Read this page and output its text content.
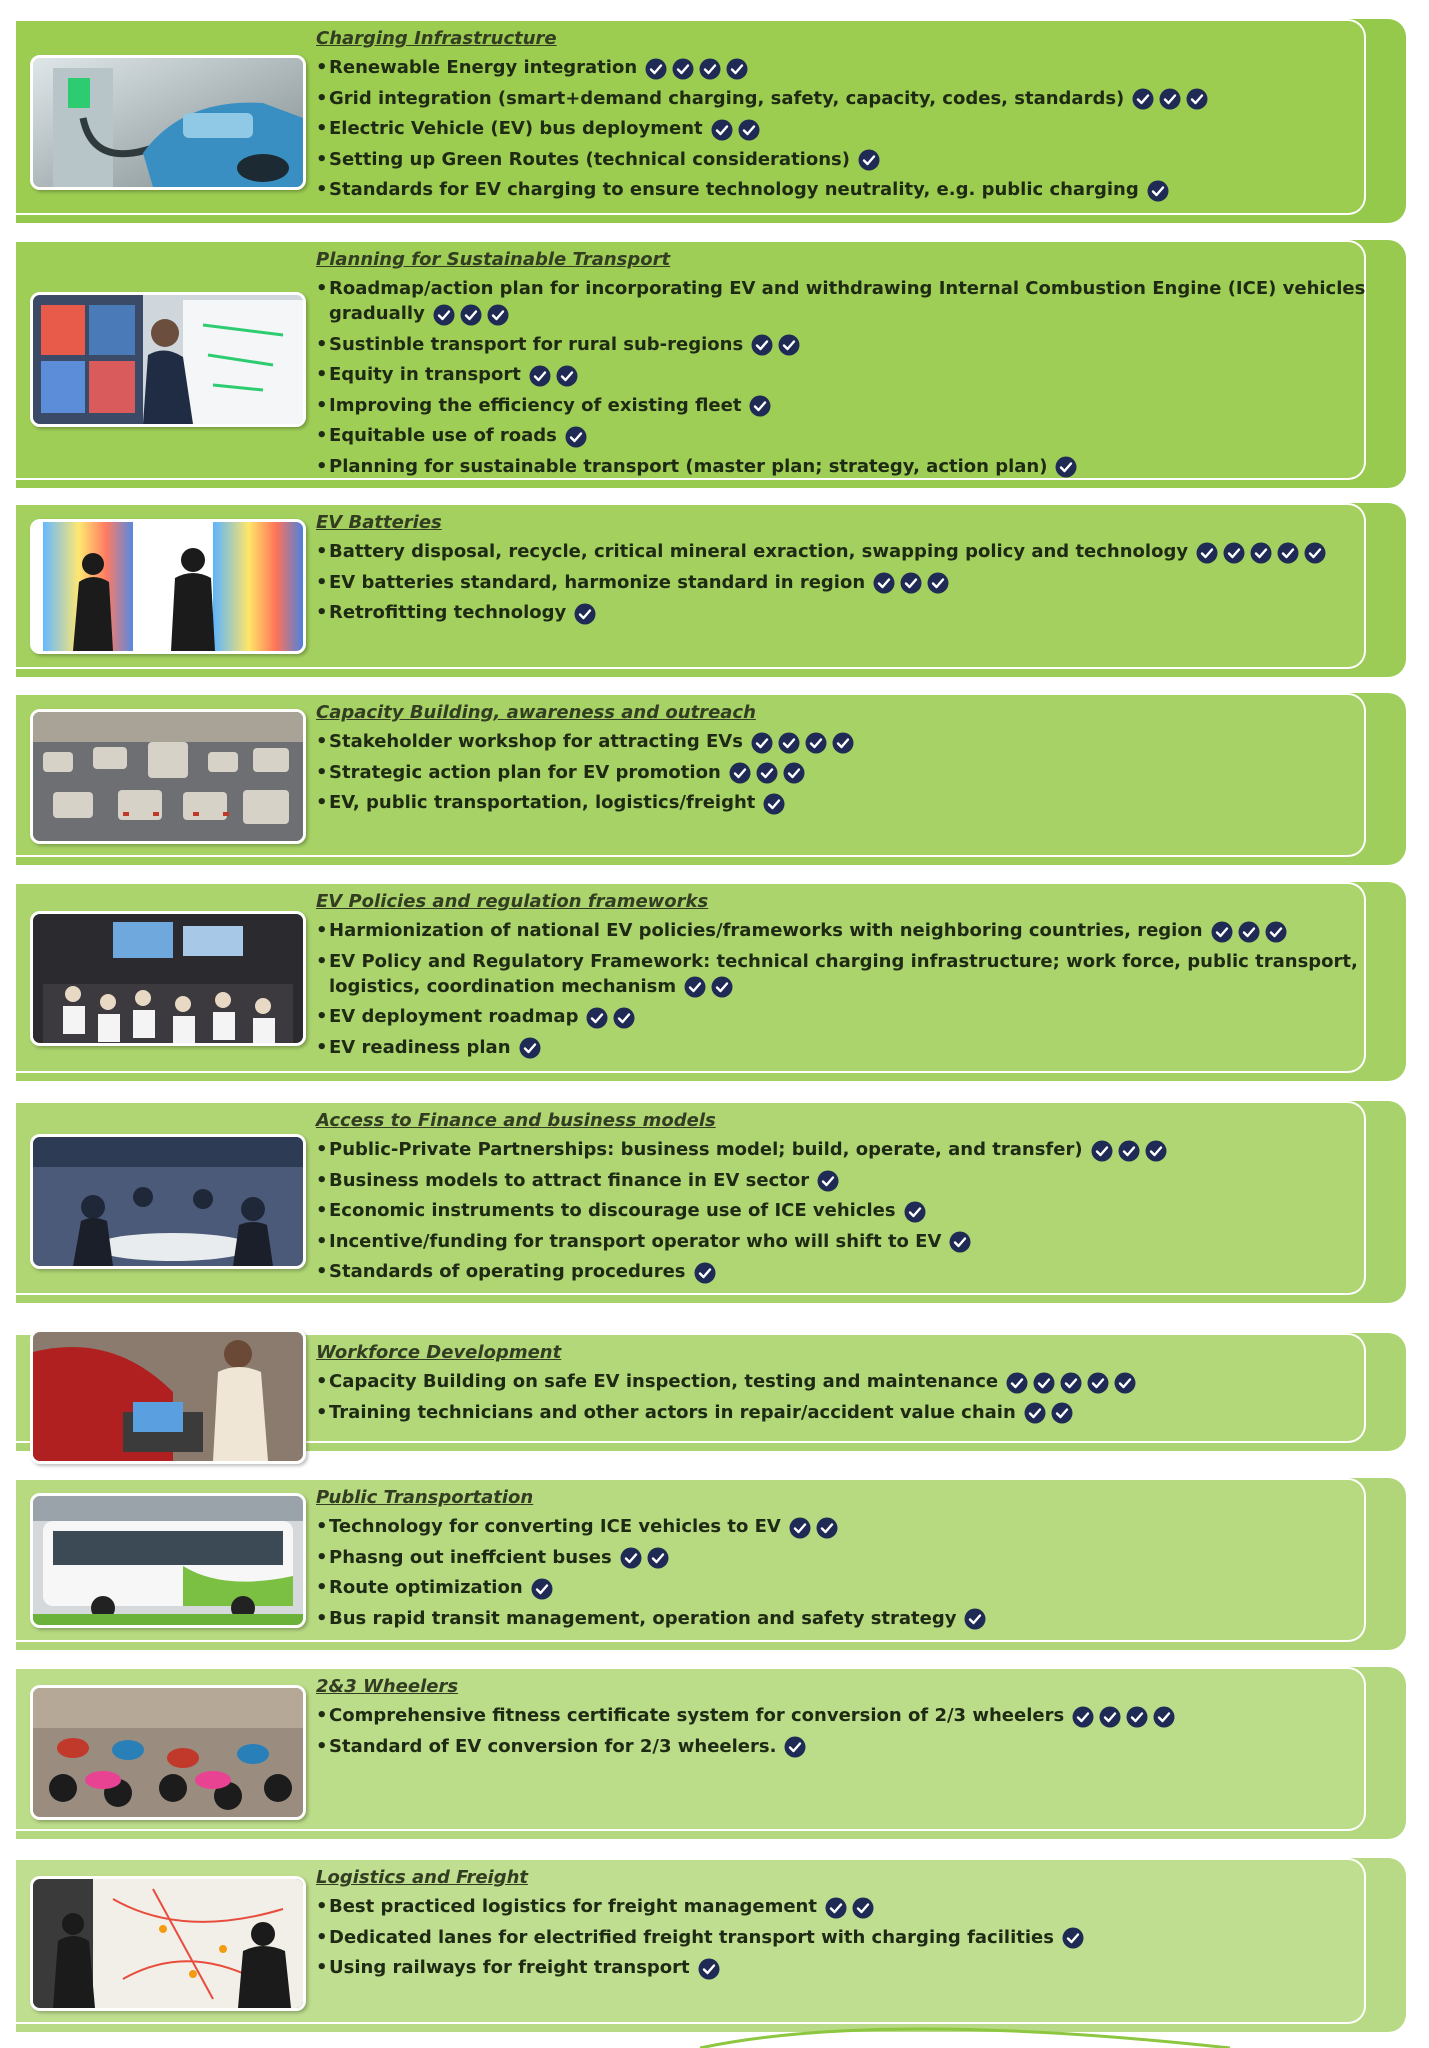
Charging Infrastructure
• Renewable Energy integration
• Grid integration (smart+demand charging, safety, capacity, codes, standards)
• Electric Vehicle (EV) bus deployment
• Setting up Green Routes (technical considerations)
• Standards for EV charging to ensure technology neutrality, e.g. public charging
Planning for Sustainable Transport
• Roadmap/action plan for incorporating EV and withdrawing Internal Combustion Engine (ICE) vehicles gradually
• Sustinble transport for rural sub-regions
• Equity in transport
• Improving the efficiency of existing fleet
• Equitable use of roads
• Planning for sustainable transport (master plan; strategy, action plan)
EV Batteries
• Battery disposal, recycle, critical mineral exraction, swapping policy and technology
• EV batteries standard, harmonize standard in region
• Retrofitting technology
Capacity Building, awareness and outreach
• Stakeholder workshop for attracting EVs
• Strategic action plan for EV promotion
• EV, public transportation, logistics/freight
EV Policies and regulation frameworks
• Harmionization of national EV policies/frameworks with neighboring countries, region
• EV Policy and Regulatory Framework: technical charging infrastructure; work force, public transport, logistics, coordination mechanism
• EV deployment roadmap
• EV readiness plan
Access to Finance and business models
• Public-Private Partnerships: business model; build, operate, and transfer)
• Business models to attract finance in EV sector
• Economic instruments to discourage use of ICE vehicles
• Incentive/funding for transport operator who will shift to EV
• Standards of operating procedures
Workforce Development
• Capacity Building on safe EV inspection, testing and maintenance
• Training technicians and other actors in repair/accident value chain
Public Transportation
• Technology for converting ICE vehicles to EV
• Phasng out ineffcient buses
• Route optimization
• Bus rapid transit management, operation and safety strategy
2&3 Wheelers
• Comprehensive fitness certificate system for conversion of 2/3 wheelers
• Standard of EV conversion for 2/3 wheelers.
Logistics and Freight
• Best practiced logistics for freight management
• Dedicated lanes for electrified freight transport with charging facilities
• Using railways for freight transport
